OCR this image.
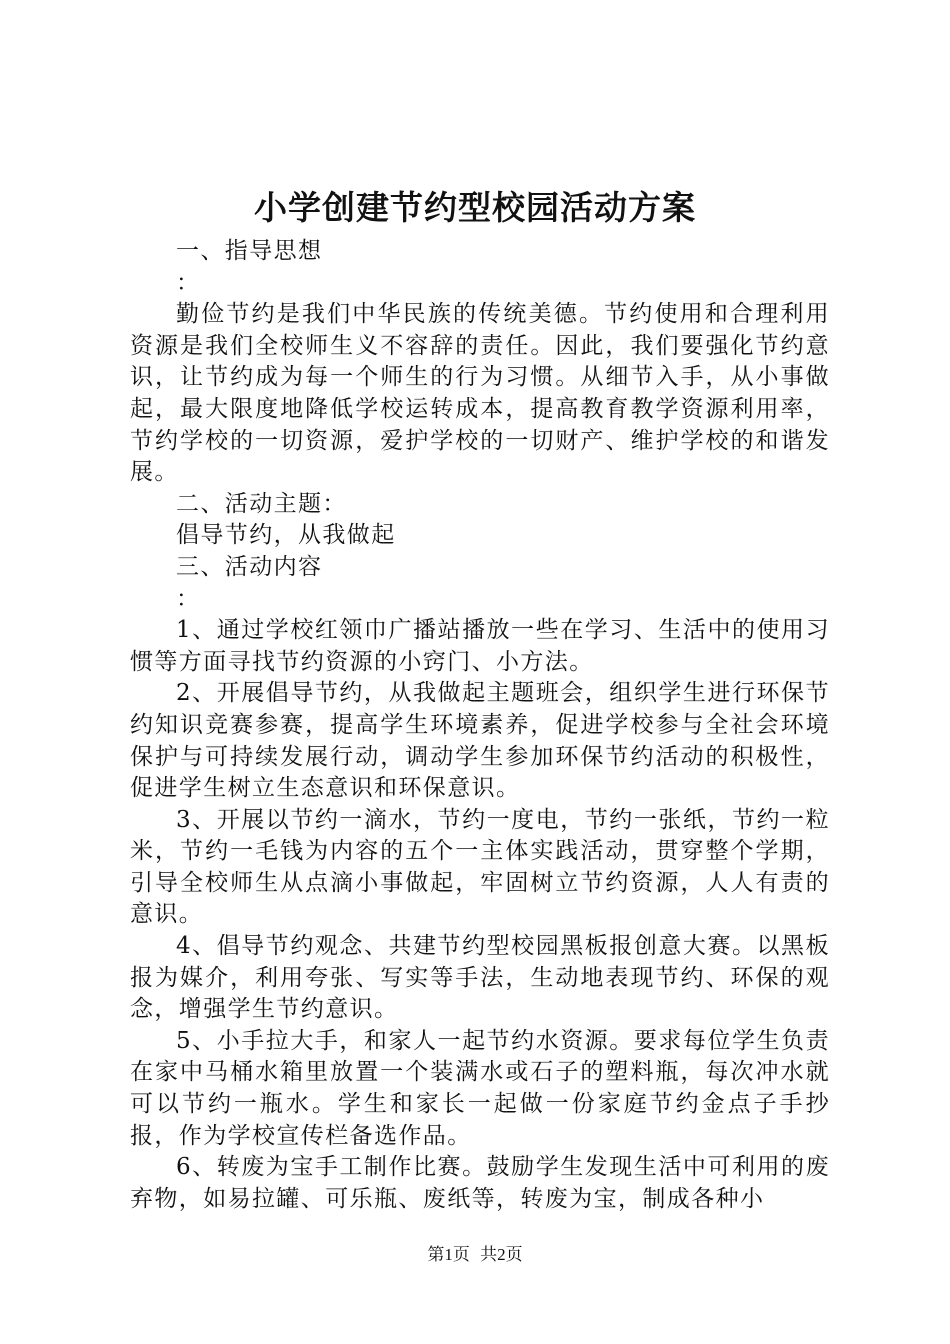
小学创建节约型校园活动方案

一、指导思想

：

勤俭节约是我们中华民族的传统美德。节约使用和合理利用资源是我们全校师生义不容辞的责任。因此，我们要强化节约意识，让节约成为每一个师生的行为习惯。从细节入手，从小事做起，最大限度地降低学校运转成本，提高教育教学资源利用率，节约学校的一切资源，爱护学校的一切财产、维护学校的和谐发展。

二、活动主题：

倡导节约，从我做起

三、活动内容

：

1、通过学校红领巾广播站播放一些在学习、生活中的使用习惯等方面寻找节约资源的小窍门、小方法。

2、开展倡导节约，从我做起主题班会，组织学生进行环保节约知识竞赛参赛，提高学生环境素养，促进学校参与全社会环境保护与可持续发展行动，调动学生参加环保节约活动的积极性，促进学生树立生态意识和环保意识。

3、开展以节约一滴水，节约一度电，节约一张纸，节约一粒米，节约一毛钱为内容的五个一主体实践活动，贯穿整个学期，引导全校师生从点滴小事做起，牢固树立节约资源，人人有责的意识。

4、倡导节约观念、共建节约型校园黑板报创意大赛。以黑板报为媒介，利用夸张、写实等手法，生动地表现节约、环保的观念，增强学生节约意识。

5、小手拉大手，和家人一起节约水资源。要求每位学生负责在家中马桶水箱里放置一个装满水或石子的塑料瓶，每次冲水就可以节约一瓶水。学生和家长一起做一份家庭节约金点子手抄报，作为学校宣传栏备选作品。

6、转废为宝手工制作比赛。鼓励学生发现生活中可利用的废弃物，如易拉罐、可乐瓶、废纸等，转废为宝，制成各种小

第1页 共2页
